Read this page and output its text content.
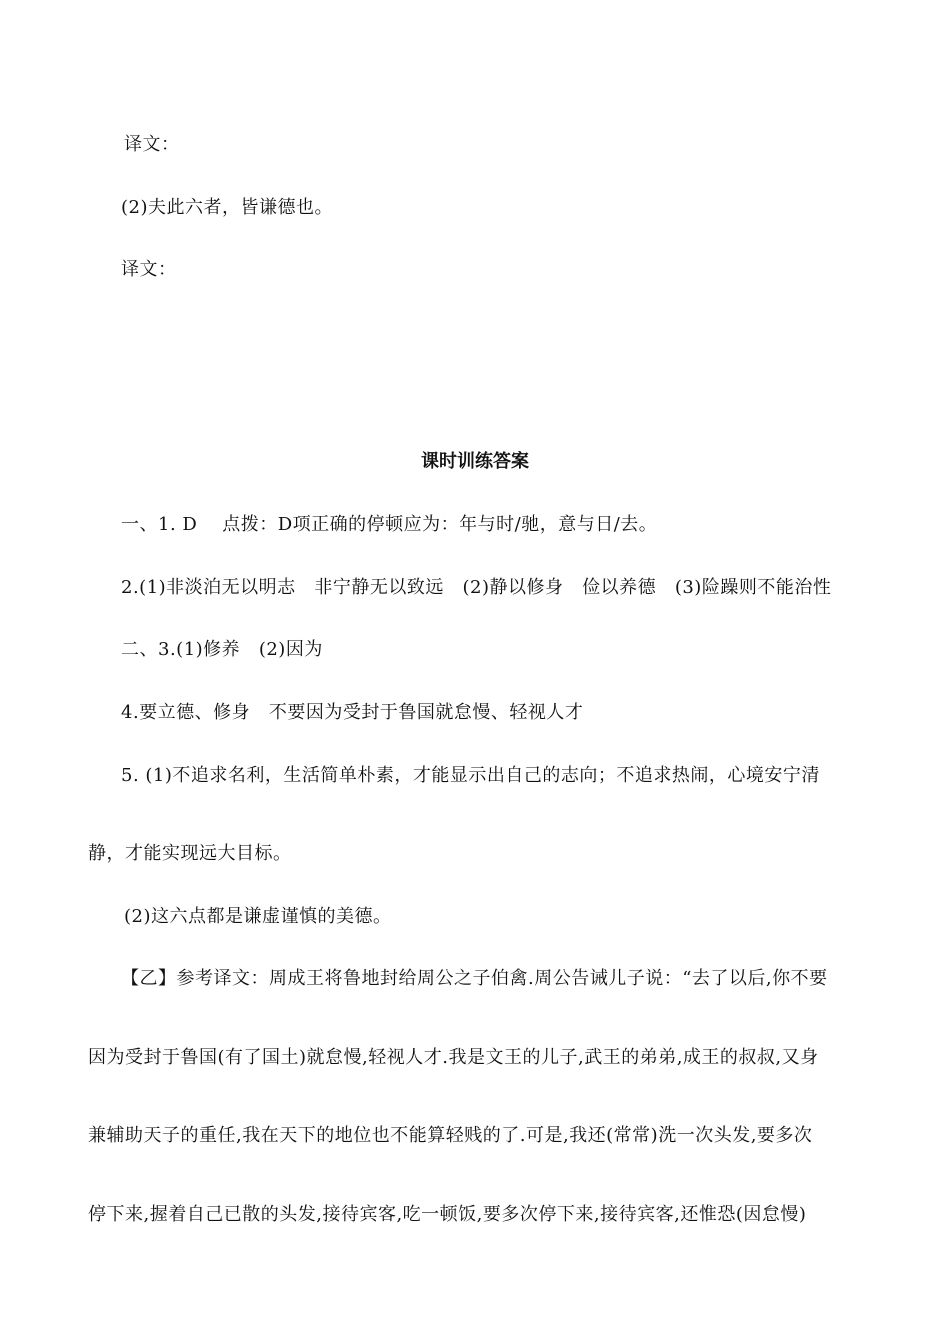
译文：
(2)夫此六者，皆谦德也。
译文：
课时训练答案
一、1. D    点拨：D项正确的停顿应为：年与时/驰，意与日/去。
2.(1)非淡泊无以明志   非宁静无以致远   (2)静以修身   俭以养德   (3)险躁则不能治性
二、3.(1)修养   (2)因为
4.要立德、修身   不要因为受封于鲁国就怠慢、轻视人才
5. (1)不追求名利，生活简单朴素，才能显示出自己的志向；不追求热闹，心境安宁清
静，才能实现远大目标。
(2)这六点都是谦虚谨慎的美德。
【乙】参考译文：周成王将鲁地封给周公之子伯禽.周公告诫儿子说：“去了以后,你不要
因为受封于鲁国(有了国土)就怠慢,轻视人才.我是文王的儿子,武王的弟弟,成王的叔叔,又身
兼辅助天子的重任,我在天下的地位也不能算轻贱的了.可是,我还(常常)洗一次头发,要多次
停下来,握着自己已散的头发,接待宾客,吃一顿饭,要多次停下来,接待宾客,还惟恐(因怠慢)
